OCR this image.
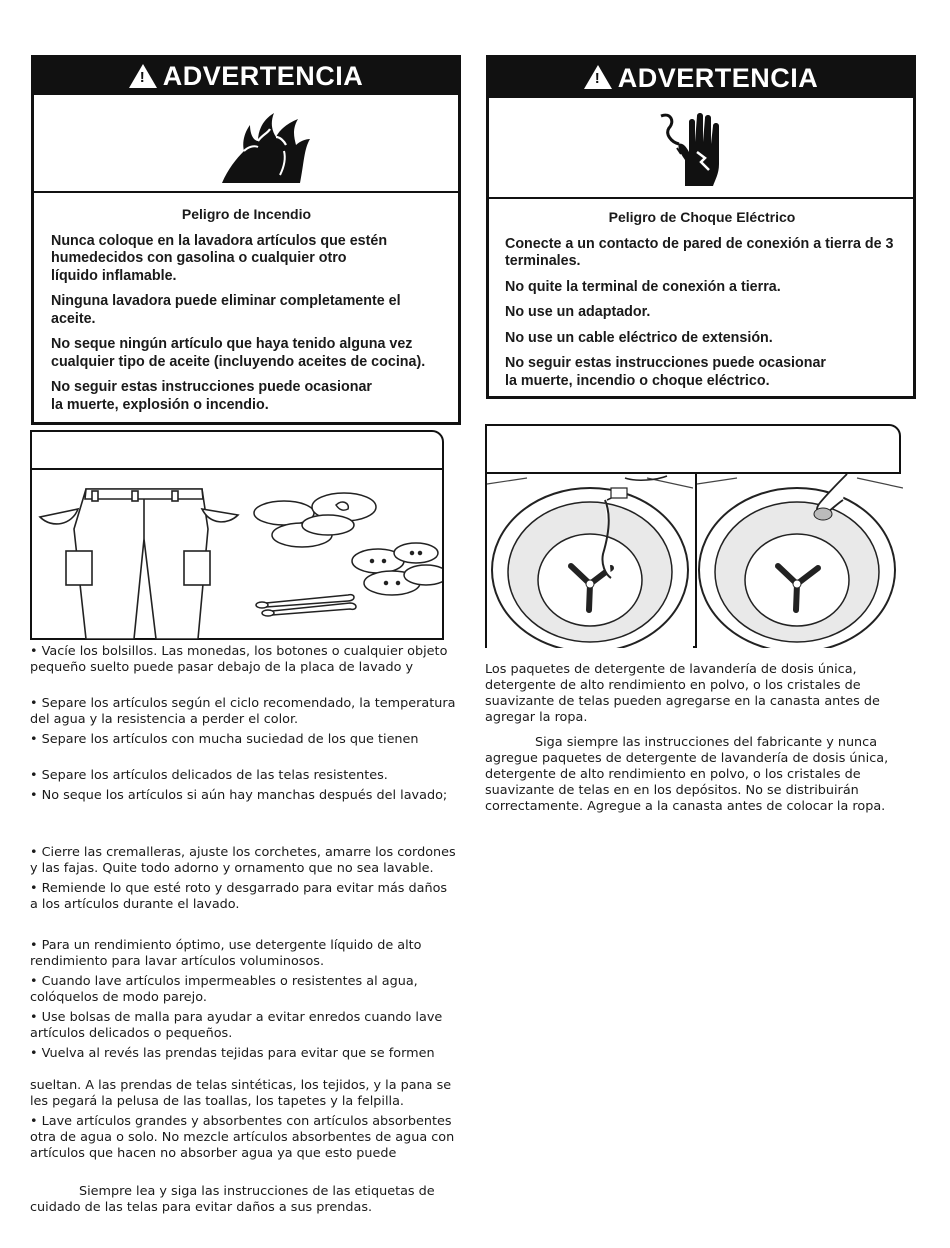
! ADVERTENCIA
Peligro de Incendio

Nunca coloque en la lavadora artículos que estén humedecidos con gasolina o cualquier otro líquido inflamable.

Ninguna lavadora puede eliminar completamente el aceite.

No seque ningún artículo que haya tenido alguna vez cualquier tipo de aceite (incluyendo aceites de cocina).

No seguir estas instrucciones puede ocasionar la muerte, explosión o incendio.

! ADVERTENCIA
Peligro de Choque Eléctrico

Conecte a un contacto de pared de conexión a tierra de 3 terminales.

No quite la terminal de conexión a tierra.

No use un adaptador.

No use un cable eléctrico de extensión.

No seguir estas instrucciones puede ocasionar la muerte, incendio o choque eléctrico.

• Vacíe los bolsillos. Las monedas, los botones o cualquier objeto pequeño suelto puede pasar debajo de la placa de lavado y

• Separe los artículos según el ciclo recomendado, la temperatura del agua y la resistencia a perder el color.

• Separe los artículos con mucha suciedad de los que tienen

• Separe los artículos delicados de las telas resistentes.

• No seque los artículos si aún hay manchas después del lavado;

• Cierre las cremalleras, ajuste los corchetes, amarre los cordones y las fajas. Quite todo adorno y ornamento que no sea lavable.

• Remiende lo que esté roto y desgarrado para evitar más daños a los artículos durante el lavado.

• Para un rendimiento óptimo, use detergente líquido de alto rendimiento para lavar artículos voluminosos.

• Cuando lave artículos impermeables o resistentes al agua, colóquelos de modo parejo.

• Use bolsas de malla para ayudar a evitar enredos cuando lave artículos delicados o pequeños.

• Vuelva al revés las prendas tejidas para evitar que se formen

sueltan. A las prendas de telas sintéticas, los tejidos, y la pana se les pegará la pelusa de las toallas, los tapetes y la felpilla.

• Lave artículos grandes y absorbentes con artículos absorbentes otra de agua o solo. No mezcle artículos absorbentes de agua con artículos que hacen no absorber agua ya que esto puede

Siempre lea y siga las instrucciones de las etiquetas de cuidado de las telas para evitar daños a sus prendas.

Los paquetes de detergente de lavandería de dosis única, detergente de alto rendimiento en polvo, o los cristales de suavizante de telas pueden agregarse en la canasta antes de agregar la ropa.

Siga siempre las instrucciones del fabricante y nunca agregue paquetes de detergente de lavandería de dosis única, detergente de alto rendimiento en polvo, o los cristales de suavizante de telas en en los depósitos. No se distribuirán correctamente. Agregue a la canasta antes de colocar la ropa.
